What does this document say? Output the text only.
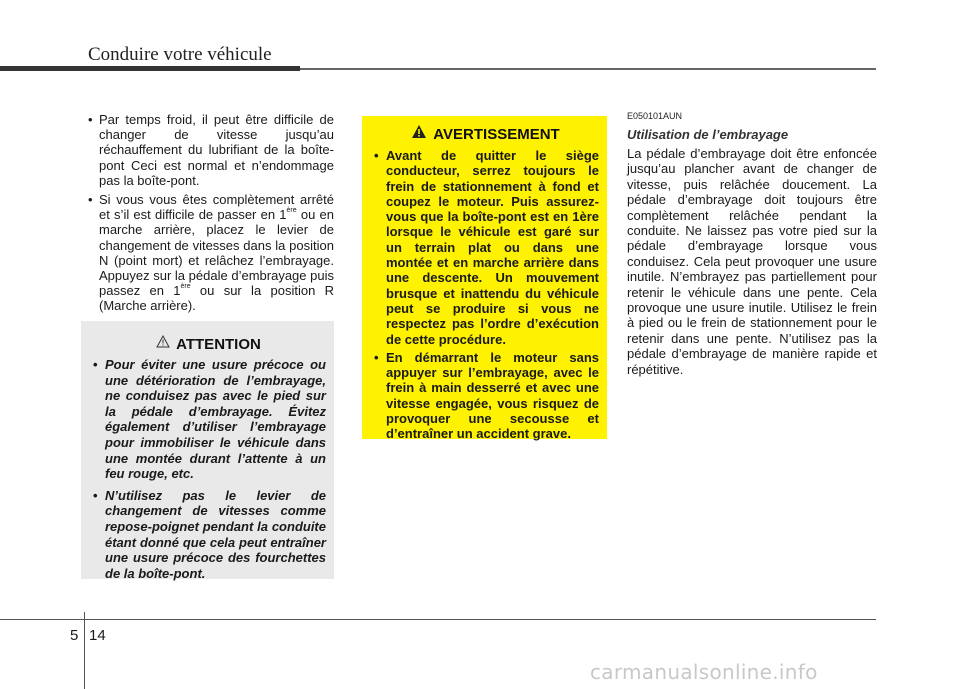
Conduire votre véhicule
• Par temps froid, il peut être difficile de changer de vitesse jusqu’au réchauffement du lubrifiant de la boîte-pont Ceci est normal et n’endommage pas la boîte-pont.
• Si vous vous êtes complètement arrêté et s’il est difficile de passer en 1ère ou en marche arrière, placez le levier de changement de vitesses dans la position N (point mort) et relâchez l’embrayage. Appuyez sur la pédale d’embrayage puis passez en 1ère ou sur la position R (Marche arrière).
ATTENTION
• Pour éviter une usure précoce ou une détérioration de l’embrayage, ne conduisez pas avec le pied sur la pédale d’embrayage. Évitez également d’utiliser l’embrayage pour immobiliser le véhicule dans une montée durant l’attente à un feu rouge, etc.
• N’utilisez pas le levier de changement de vitesses comme repose-poignet pendant la conduite étant donné que cela peut entraîner une usure précoce des fourchettes de la boîte-pont.
AVERTISSEMENT
• Avant de quitter le siège conducteur, serrez toujours le frein de stationnement à fond et coupez le moteur. Puis assurez-vous que la boîte-pont est en 1ère lorsque le véhicule est garé sur un terrain plat ou dans une montée et en marche arrière dans une descente. Un mouvement brusque et inattendu du véhicule peut se produire si vous ne respectez pas l’ordre d’exécution de cette procédure.
• En démarrant le moteur sans appuyer sur l’embrayage, avec le frein à main desserré et avec une vitesse engagée, vous risquez de provoquer une secousse et d’entraîner un accident grave.
E050101AUN
Utilisation de l’embrayage
La pédale d’embrayage doit être enfoncée jusqu’au plancher avant de changer de vitesse, puis relâchée doucement. La pédale d’embrayage doit toujours être complètement relâchée pendant la conduite. Ne laissez pas votre pied sur la pédale d’embrayage lorsque vous conduisez. Cela peut provoquer une usure inutile. N’embrayez pas partiellement pour retenir le véhicule dans une pente. Cela provoque une usure inutile. Utilisez le frein à pied ou le frein de stationnement pour le retenir dans une pente. N’utilisez pas la pédale d’embrayage de manière rapide et répétitive.
5 14
carmanualsonline.info
